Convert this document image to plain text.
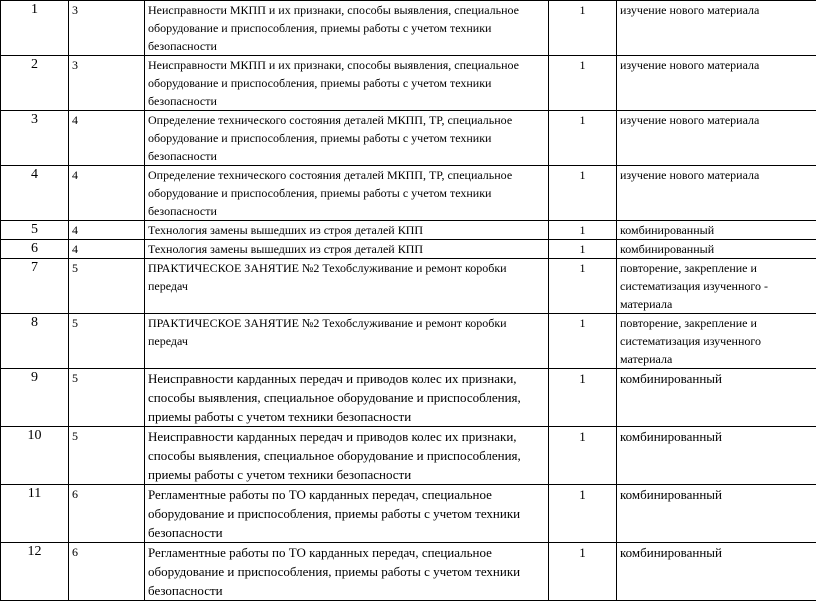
1	3	Неисправности МКПП и их признаки, способы выявления, специальное оборудование и приспособления, приемы работы с учетом техники безопасности	1	изучение нового материала
2	3	Неисправности МКПП и их признаки, способы выявления, специальное оборудование и приспособления, приемы работы с учетом техники безопасности	1	изучение нового материала
3	4	Определение технического состояния деталей МКПП, ТР, специальное оборудование и приспособления, приемы работы с учетом техники безопасности	1	изучение нового материала
4	4	Определение технического состояния деталей МКПП, ТР, специальное оборудование и приспособления, приемы работы с учетом техники безопасности	1	изучение нового материала
5	4	Технология замены вышедших из строя деталей КПП	1	комбинированный
6	4	Технология замены вышедших из строя деталей КПП	1	комбинированный
7	5	ПРАКТИЧЕСКОЕ ЗАНЯТИЕ №2 Техобслуживание и ремонт коробки передач	1	повторение, закрепление и систематизация изученного - материала
8	5	ПРАКТИЧЕСКОЕ ЗАНЯТИЕ №2 Техобслуживание и ремонт коробки передач	1	повторение, закрепление и систематизация изученного материала
9	5	Неисправности карданных передач и приводов колес их признаки, способы выявления, специальное оборудование и приспособления, приемы работы с учетом техники безопасности	1	комбинированный
10	5	Неисправности карданных передач и приводов колес их признаки, способы выявления, специальное оборудование и приспособления, приемы работы с учетом техники безопасности	1	комбинированный
11	6	Регламентные работы по ТО карданных передач, специальное оборудование и приспособления, приемы работы с учетом техники безопасности	1	комбинированный
12	6	Регламентные работы по ТО карданных передач, специальное оборудование и приспособления, приемы работы с учетом техники безопасности	1	комбинированный
